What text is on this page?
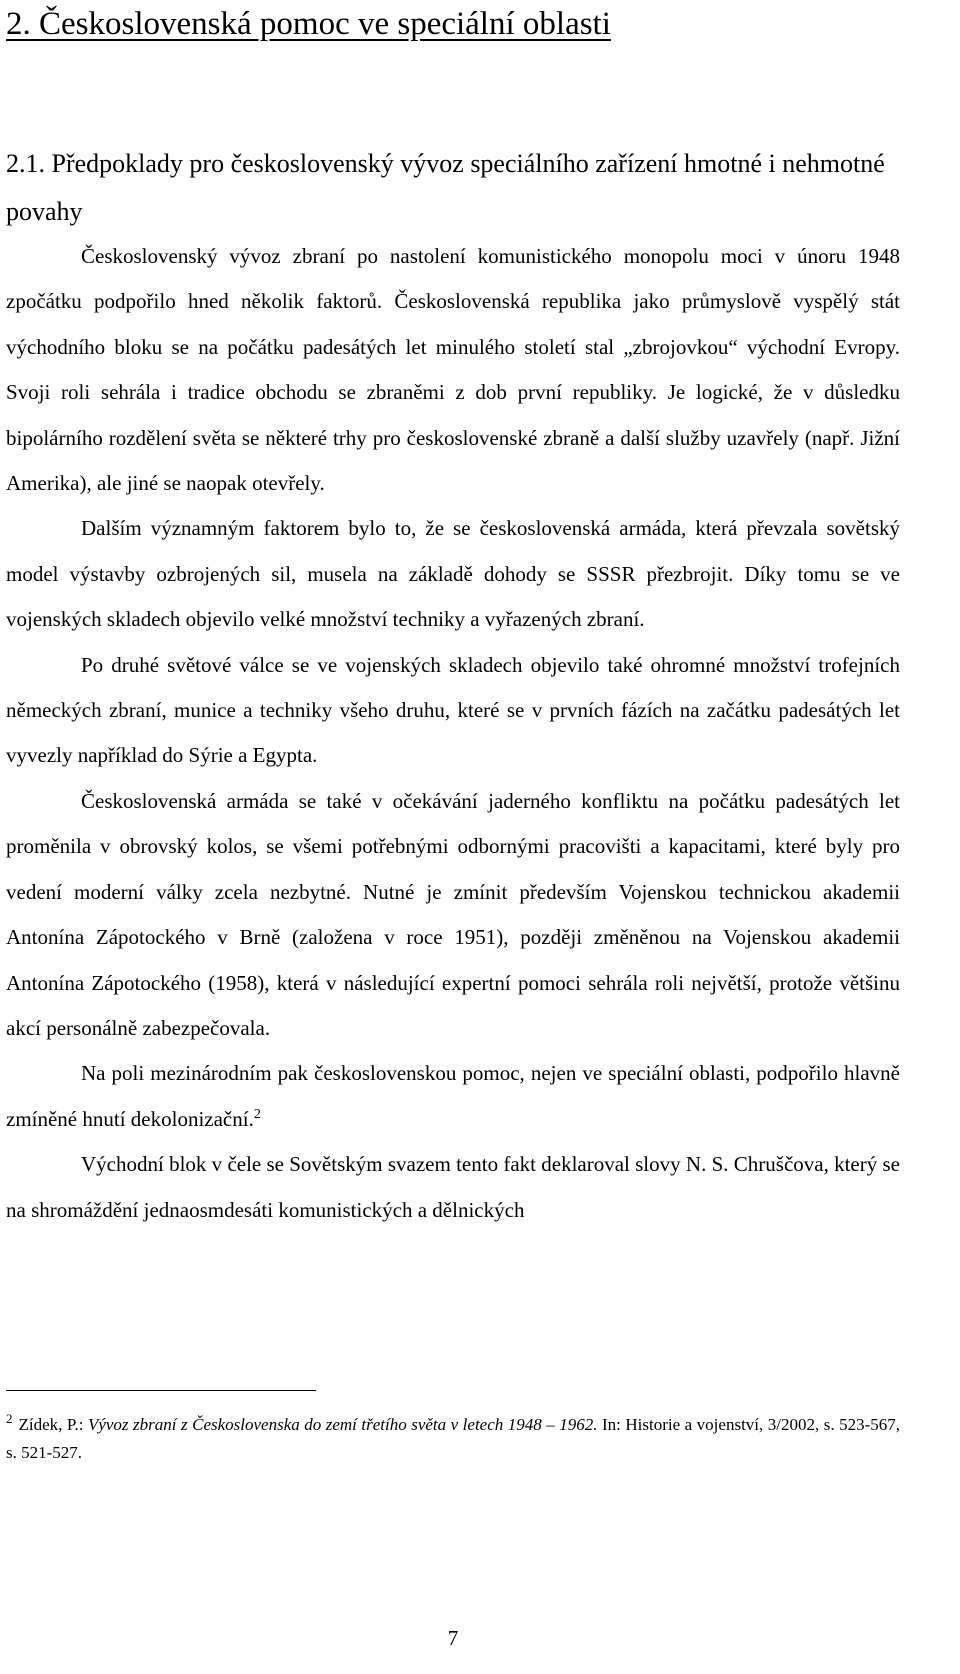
2. Československá pomoc ve speciální oblasti
2.1. Předpoklady pro československý vývoz speciálního zařízení hmotné i nehmotné povahy

Československý vývoz zbraní po nastolení komunistického monopolu moci v únoru 1948 zpočátku podpořilo hned několik faktorů. Československá republika jako průmyslově vyspělý stát východního bloku se na počátku padesátých let minulého století stal „zbrojovkou“ východní Evropy. Svoji roli sehrála i tradice obchodu se zbraněmi z dob první republiky. Je logické, že v důsledku bipolárního rozdělení světa se některé trhy pro československé zbraně a další služby uzavřely (např. Jižní Amerika), ale jiné se naopak otevřely.

Dalším významným faktorem bylo to, že se československá armáda, která převzala sovětský model výstavby ozbrojených sil, musela na základě dohody se SSSR přezbrojit. Díky tomu se ve vojenských skladech objevilo velké množství techniky a vyřazených zbraní.

Po druhé světové válce se ve vojenských skladech objevilo také ohromné množství trofejních německých zbraní, munice a techniky všeho druhu, které se v prvních fázích na začátku padesátých let vyvezly například do Sýrie a Egypta.

Československá armáda se také v očekávání jaderného konfliktu na počátku padesátých let proměnila v obrovský kolos, se všemi potřebnými odbornými pracovišti a kapacitami, které byly pro vedení moderní války zcela nezbytné. Nutné je zmínit především Vojenskou technickou akademii Antonína Zápotockého v Brně (založena v roce 1951), později změněnou na Vojenskou akademii Antonína Zápotockého (1958), která v následující expertní pomoci sehrála roli největší, protože většinu akcí personálně zabezpečovala.

Na poli mezinárodním pak československou pomoc, nejen ve speciální oblasti, podpořilo hlavně zmíněné hnutí dekolonizační.$^2$

Východní blok v čele se Sovětským svazem tento fakt deklaroval slovy N. S. Chruščova, který se na shromáždění jednaosmdesáti komunistických a dělnických

$^2$ Zídek, P.: Vývoz zbraní z Československa do zemí třetího světa v letech 1948 – 1962. In: Historie a vojenství, 3/2002, s. 523-567, s. 521-527.
7
